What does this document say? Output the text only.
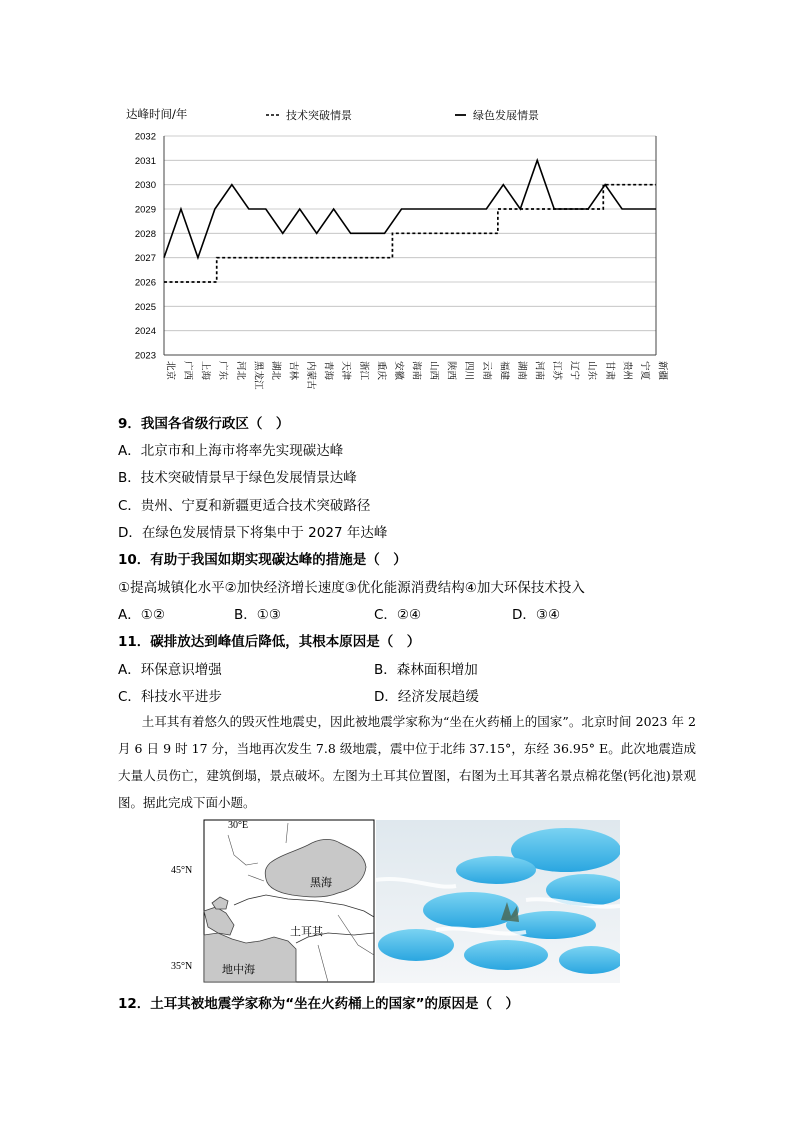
达峰时间/年	技术突破情景	绿色发展情景
2032
2031
2030
2029
2028
2027
2026
2025
2024
2023
北京 广西 上海 广东 河北 黑龙江 湖北 吉林 内蒙古 青海 天津 浙江 重庆 安徽 海南 山西 陕西 四川 云南 福建 湖南 河南 江苏 辽宁 山东 甘肃 贵州 宁夏 新疆
9．我国各省级行政区（　）
A．北京市和上海市将率先实现碳达峰
B．技术突破情景早于绿色发展情景达峰
C．贵州、宁夏和新疆更适合技术突破路径
D．在绿色发展情景下将集中于 2027 年达峰
10．有助于我国如期实现碳达峰的措施是（　）
①提高城镇化水平②加快经济增长速度③优化能源消费结构④加大环保技术投入
A．①②	B．①③	C．②④	D．③④
11．碳排放达到峰值后降低，其根本原因是（　）
A．环保意识增强	B．森林面积增加
C．科技水平进步	D．经济发展趋缓

土耳其有着悠久的毁灭性地震史，因此被地震学家称为“坐在火药桶上的国家”。北京时间 2023 年 2 月 6 日 9 时 17 分，当地再次发生 7.8 级地震，震中位于北纬 37.15°，东经 36.95° E。此次地震造成大量人员伤亡，建筑倒塌，景点破坏。左图为土耳其位置图，右图为土耳其著名景点棉花堡(钙化池)景观图。据此完成下面小题。

30°E
45°N
35°N
黑海
土耳其
地中海
12．土耳其被地震学家称为“坐在火药桶上的国家”的原因是（　）
